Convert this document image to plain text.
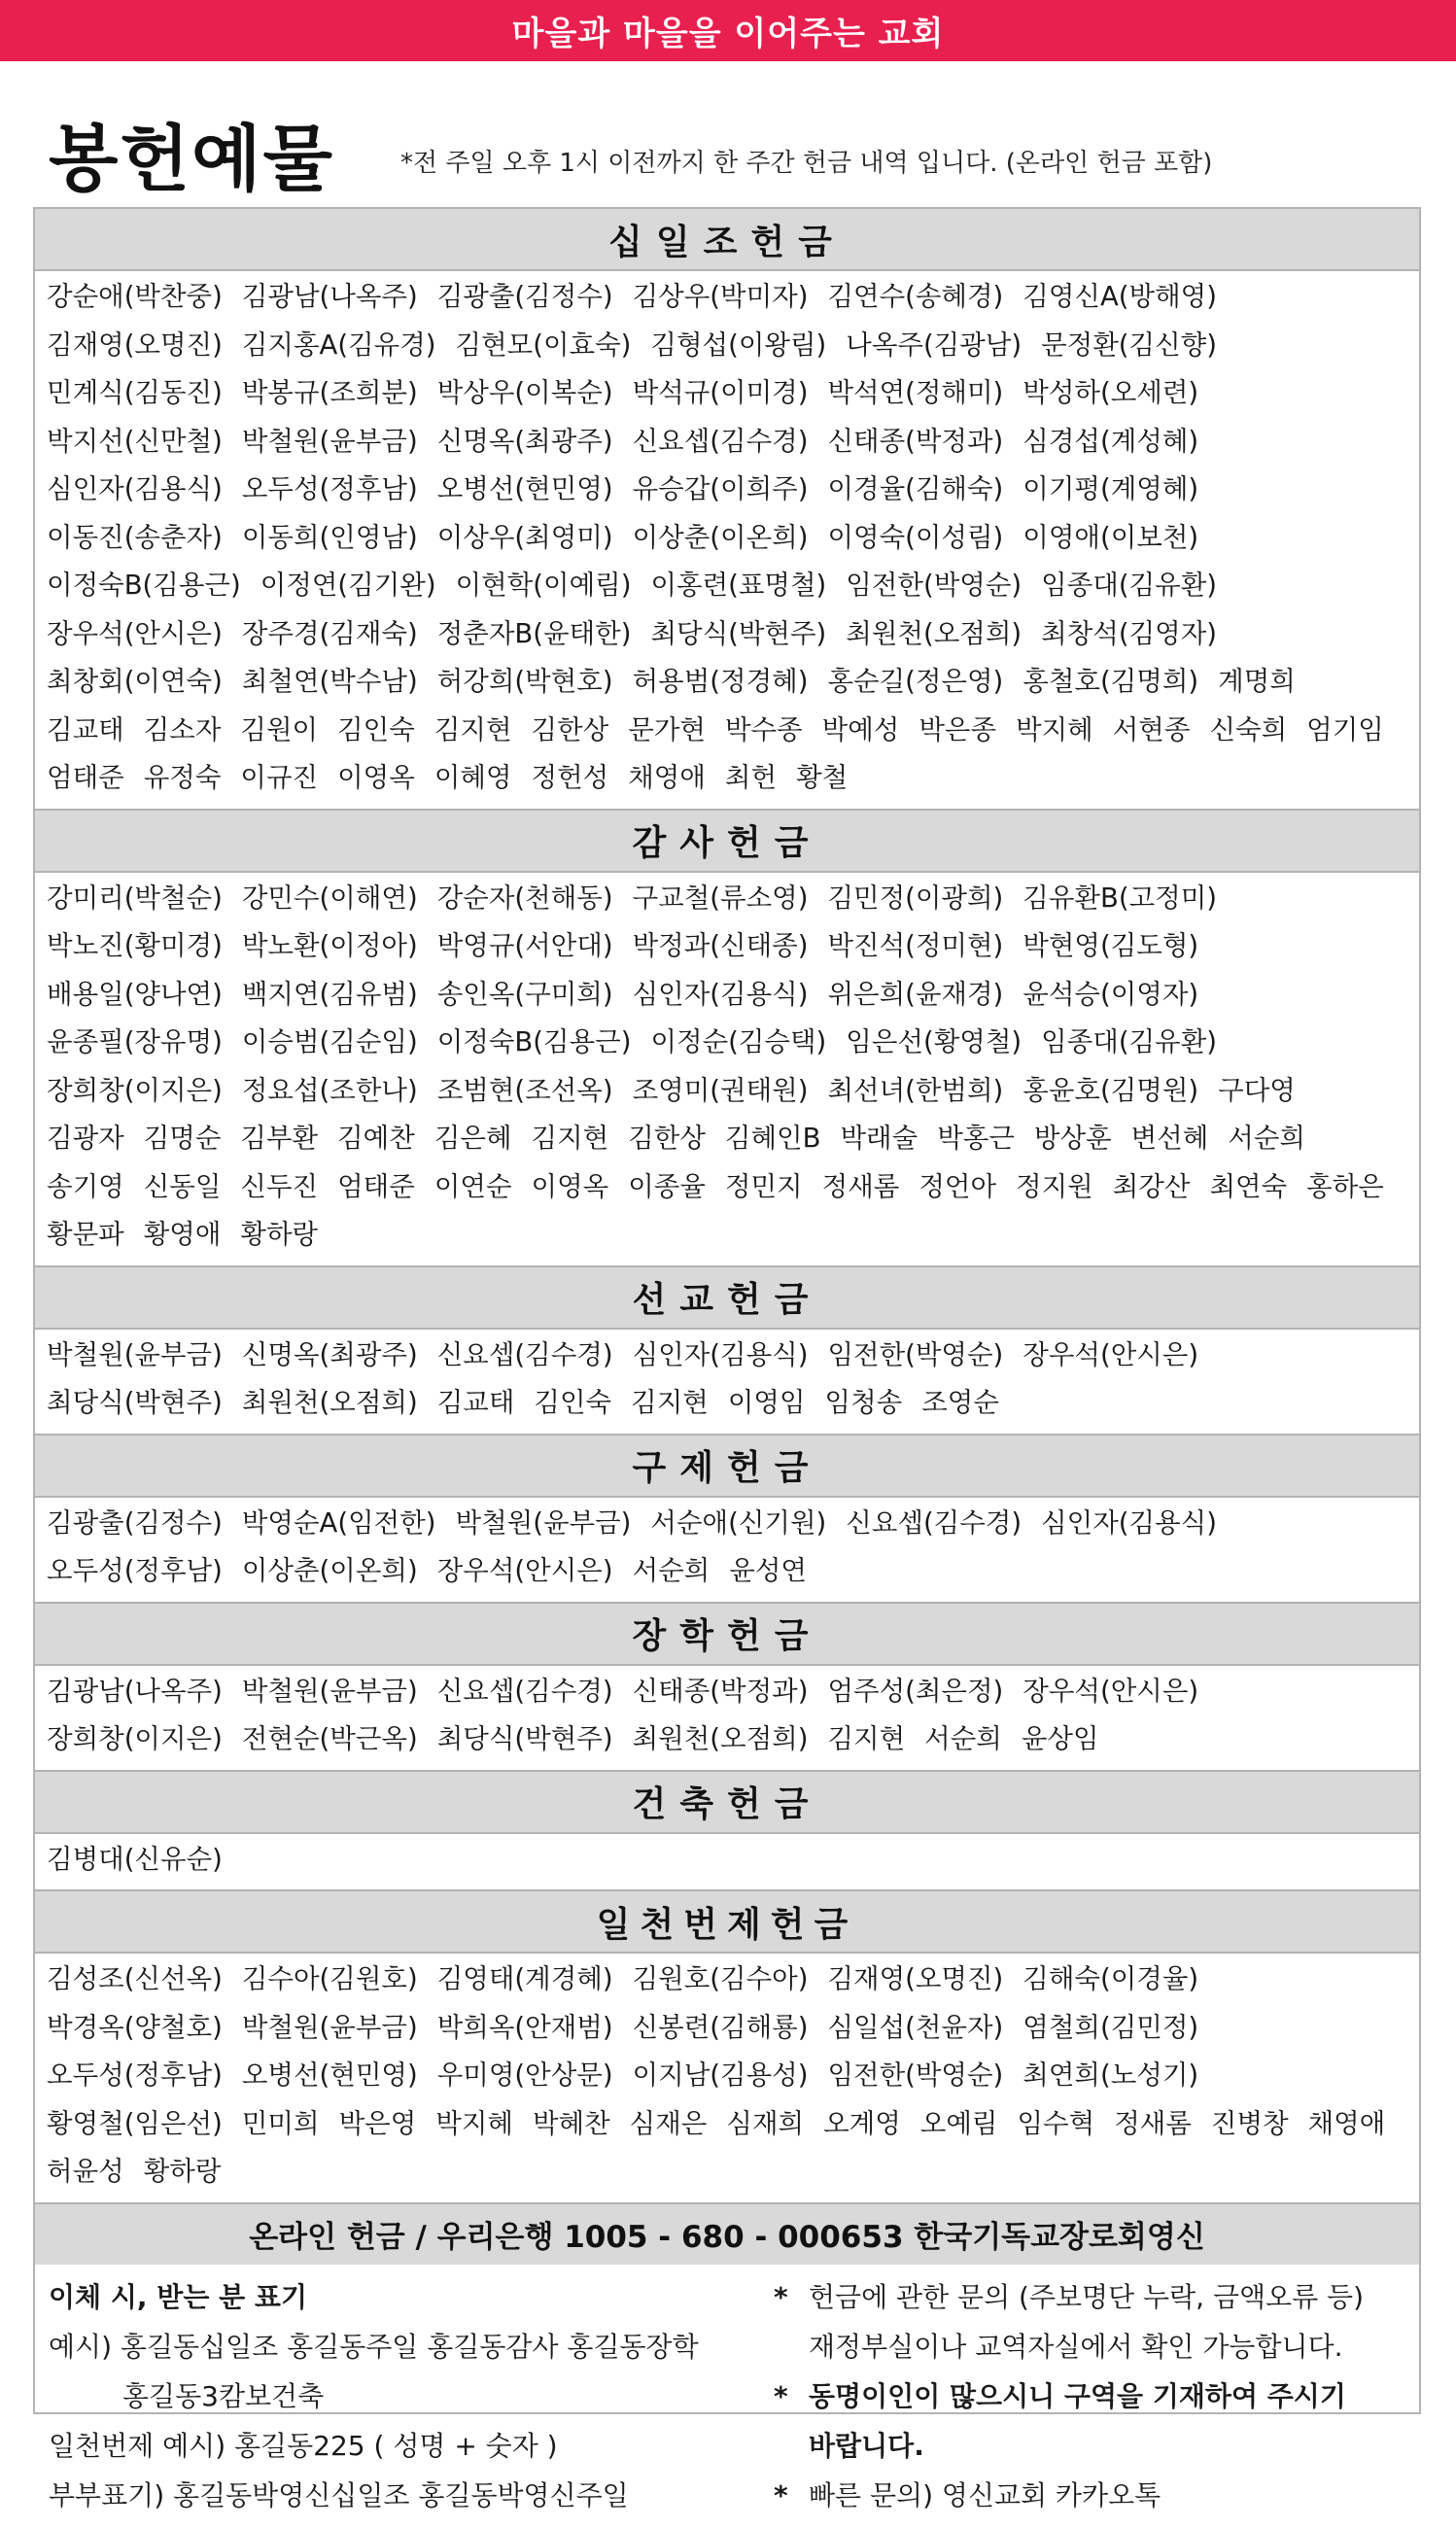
마을과 마을을 이어주는 교회
봉헌예물	*전 주일 오후 1시 이전까지 한 주간 헌금 내역 입니다. (온라인 헌금 포함)
십일조헌금
강순애(박찬중) 김광남(나옥주) 김광출(김정수) 김상우(박미자) 김연수(송혜경) 김영신A(방해영)김재영(오명진) 김지홍A(김유경) 김현모(이효숙) 김형섭(이왕림) 나옥주(김광남) 문정환(김신향)민계식(김동진) 박봉규(조희분) 박상우(이복순) 박석규(이미경) 박석연(정해미) 박성하(오세련)박지선(신만철) 박철원(윤부금) 신명옥(최광주) 신요셉(김수경) 신태종(박정과) 심경섭(계성혜)심인자(김용식) 오두성(정후남) 오병선(현민영) 유승갑(이희주) 이경율(김해숙) 이기평(계영혜)이동진(송춘자) 이동희(인영남) 이상우(최영미) 이상춘(이온희) 이영숙(이성림) 이영애(이보천)이정숙B(김용근) 이정연(김기완) 이현학(이예림) 이홍련(표명철) 임전한(박영순) 임종대(김유환)장우석(안시은) 장주경(김재숙) 정춘자B(윤태한) 최당식(박현주) 최원천(오점희) 최창석(김영자)최창회(이연숙) 최철연(박수남) 허강희(박현호) 허용범(정경혜) 홍순길(정은영) 홍철호(김명희) 계명희김교태 김소자 김원이 김인숙 김지현 김한상 문가현 박수종 박예성 박은종 박지혜 서현종 신숙희 엄기임엄태준 유정숙 이규진 이영옥 이혜영 정헌성 채영애 최헌 황철
감사헌금
강미리(박철순) 강민수(이해연) 강순자(천해동) 구교철(류소영) 김민정(이광희) 김유환B(고정미)박노진(황미경) 박노환(이정아) 박영규(서안대) 박정과(신태종) 박진석(정미현) 박현영(김도형)배용일(양나연) 백지연(김유범) 송인옥(구미희) 심인자(김용식) 위은희(윤재경) 윤석승(이영자)윤종필(장유명) 이승범(김순임) 이정숙B(김용근) 이정순(김승택) 임은선(황영철) 임종대(김유환)장희창(이지은) 정요섭(조한나) 조범현(조선옥) 조영미(권태원) 최선녀(한범희) 홍윤호(김명원) 구다영김광자 김명순 김부환 김예찬 김은혜 김지현 김한상 김혜인B 박래술 박홍근 방상훈 변선혜 서순희송기영 신동일 신두진 엄태준 이연순 이영옥 이종율 정민지 정새롬 정언아 정지원 최강산 최연숙 홍하은황문파 황영애 황하랑
선교헌금
박철원(윤부금) 신명옥(최광주) 신요셉(김수경) 심인자(김용식) 임전한(박영순) 장우석(안시은)최당식(박현주) 최원천(오점희) 김교태 김인숙 김지현 이영임 임청송 조영순
구제헌금
김광출(김정수) 박영순A(임전한) 박철원(윤부금) 서순애(신기원) 신요셉(김수경) 심인자(김용식)오두성(정후남) 이상춘(이온희) 장우석(안시은) 서순희 윤성연
장학헌금
김광남(나옥주) 박철원(윤부금) 신요셉(김수경) 신태종(박정과) 엄주성(최은정) 장우석(안시은)장희창(이지은) 전현순(박근옥) 최당식(박현주) 최원천(오점희) 김지현 서순희 윤상임
건축헌금
김병대(신유순)
일천번제헌금
김성조(신선옥) 김수아(김원호) 김영태(계경혜) 김원호(김수아) 김재영(오명진) 김해숙(이경율)박경옥(양철호) 박철원(윤부금) 박희옥(안재범) 신봉련(김해룡) 심일섭(천윤자) 염철희(김민정)오두성(정후남) 오병선(현민영) 우미영(안상문) 이지남(김용성) 임전한(박영순) 최연희(노성기)황영철(임은선) 민미희 박은영 박지혜 박혜찬 심재은 심재희 오계영 오예림 임수혁 정새롬 진병창 채영애허윤성 황하랑
온라인 헌금 / 우리은행 1005 - 680 - 000653 한국기독교장로회영신
이체 시, 받는 분 표기
예시) 홍길동십일조 홍길동주일 홍길동감사 홍길동장학
홍길동3캄보건축
일천번제 예시) 홍길동225 ( 성명 + 숫자 )
부부표기) 홍길동박영신십일조 홍길동박영신주일
* 헌금에 관한 문의 (주보명단 누락, 금액오류 등)
재정부실이나 교역자실에서 확인 가능합니다.
* 동명이인이 많으시니 구역을 기재하여 주시기
바랍니다.
* 빠른 문의) 영신교회 카카오톡
